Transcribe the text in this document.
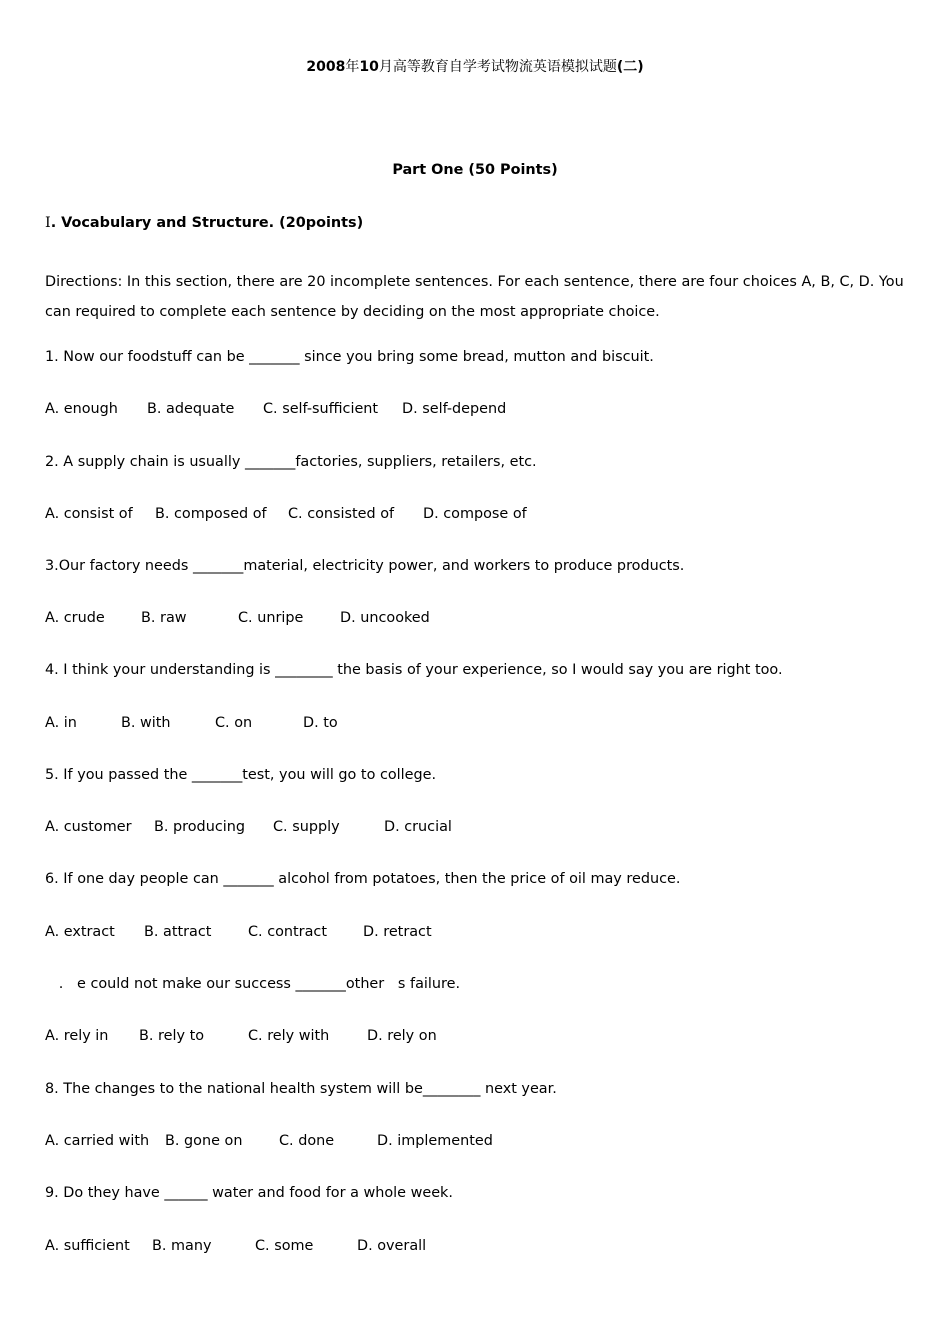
2008年10月高等教育自学考试物流英语模拟试题(二)
Part One (50 Points)
Ⅰ. Vocabulary and Structure. (20points)
Directions: In this section, there are 20 incomplete sentences. For each sentence, there are four choices A, B, C, D. You can required to complete each sentence by deciding on the most appropriate choice.
1. Now our foodstuff can be _______ since you bring some bread, mutton and biscuit.
A. enough B. adequate C. self-sufficient D. self-depend
2. A supply chain is usually _______factories, suppliers, retailers, etc.
A. consist of B. composed of C. consisted of D. compose of
3.Our factory needs _______material, electricity power, and workers to produce products.
A. crude	B. raw	C. unripe	D. uncooked
4. I think your understanding is ________ the basis of your experience, so I would say you are right too.
A. in	B. with	C. on	D. to
5. If you passed the _______test, you will go to college.
A. customer B. producing C. supply	D. crucial
6. If one day people can _______ alcohol from potatoes, then the price of oil may reduce.
A. extract B. attract	C. contract	D. retract
.   e could not make our success _______other   s failure.
A. rely in B. rely to	C. rely with	D. rely on
8. The changes to the national health system will be________ next year.
A. carried with B. gone on	C. done	D. implemented
9. Do they have ______ water and food for a whole week.
A. sufficient B. many	C. some	D. overall
